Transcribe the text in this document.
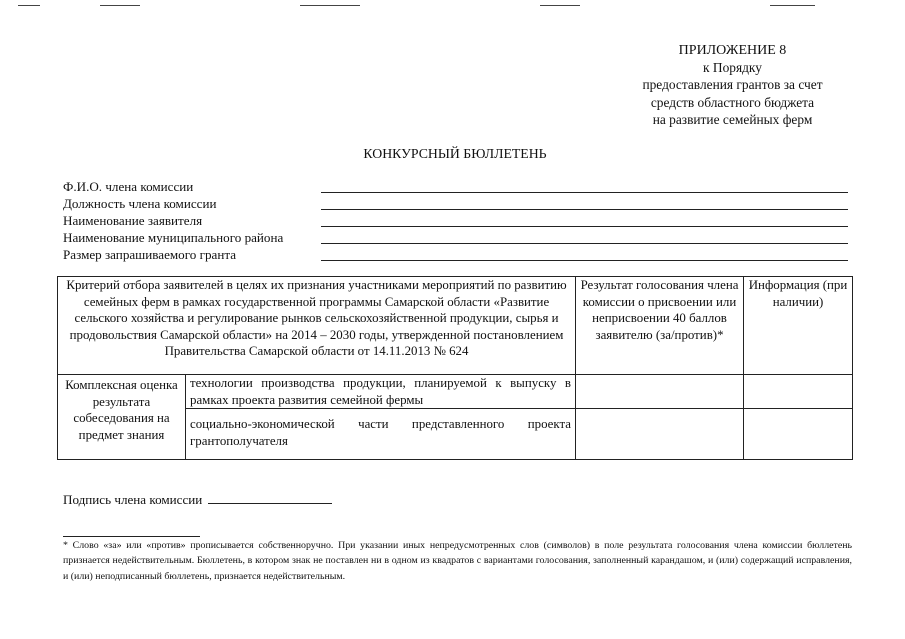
ПРИЛОЖЕНИЕ 8
к Порядку
предоставления грантов за счет
средств областного бюджета
на развитие семейных ферм
КОНКУРСНЫЙ БЮЛЛЕТЕНЬ
Ф.И.О. члена комиссии
Должность члена комиссии
Наименование заявителя
Наименование муниципального района
Размер запрашиваемого гранта
Критерий отбора заявителей в целях их признания участниками мероприятий по развитию семейных ферм в рамках государственной программы Самарской области «Развитие сельского хозяйства и регулирование рынков сельскохозяйственной продукции, сырья и продовольствия Самарской области» на 2014 – 2030 годы, утвержденной постановлением Правительства Самарской области от 14.11.2013 № 624		Результат голосования члена комиссии о присвоении или неприсвоении 40 баллов заявителю (за/против)*	Информация (при наличии)
Комплексная оценка результата собеседования на предмет знания	технологии производства продукции, планируемой к выпуску в рамках проекта развития семейной фермы		
	социально-экономической части представленного проекта грантополучателя		
Подпись члена комиссии
* Слово «за» или «против» прописывается собственноручно. При указании иных непредусмотренных слов (символов) в поле результата голосования члена комиссии бюллетень признается недействительным. Бюллетень, в котором знак не поставлен ни в одном из квадратов с вариантами голосования, заполненный карандашом, и (или) содержащий исправления, и (или) неподписанный бюллетень, признается недействительным.
